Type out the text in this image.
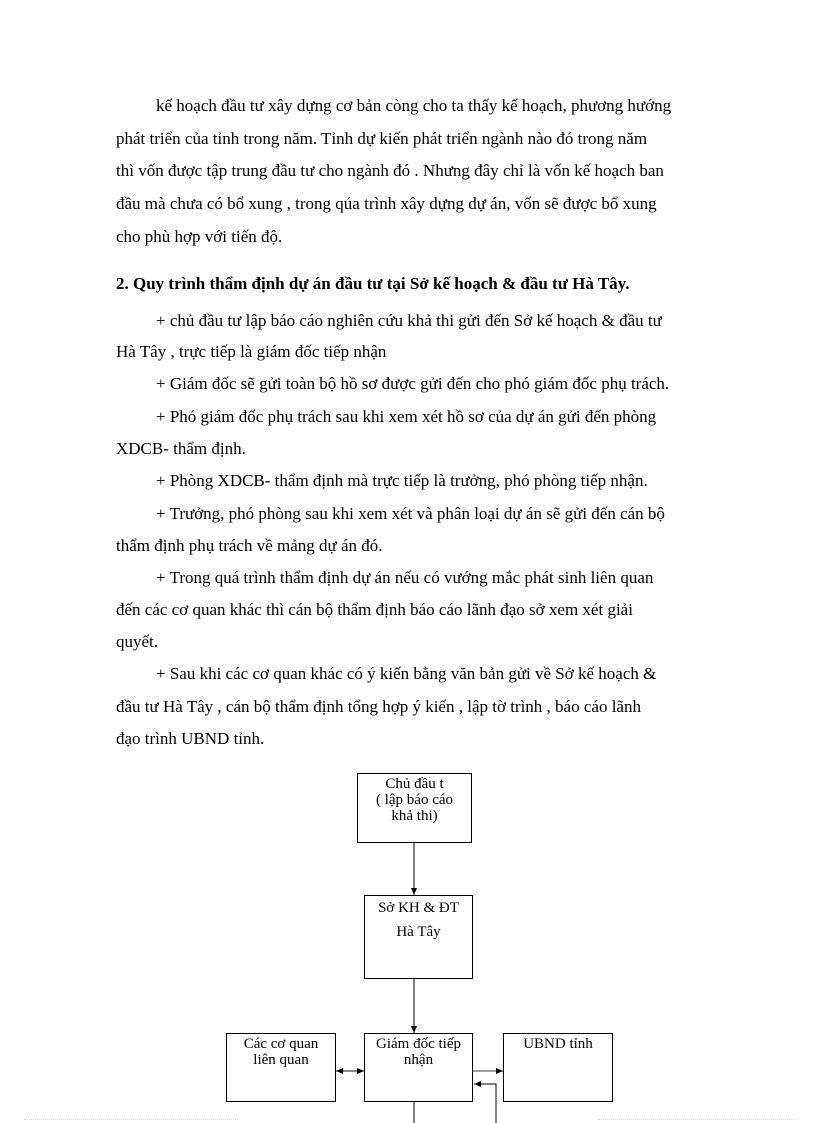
kế hoạch đầu tư xây dựng cơ bản còng cho ta thấy kế hoạch, phương hướng
phát triển của tỉnh trong năm. Tỉnh dự kiến phát triển ngành nào đó trong năm
thì vốn được tập trung đầu tư cho ngành đó . Nhưng đây chỉ là vốn kế hoạch ban
đầu mà chưa có bổ xung , trong qúa trình xây dựng dự án, vốn sẽ được bổ xung
cho phù hợp với tiến độ.
2. Quy trình thẩm định dự án đầu tư tại Sở kế hoạch & đầu tư Hà Tây.
+ chủ đầu tư lập báo cáo nghiên cứu khả thi gửi đến Sở kế hoạch & đầu tư
Hà Tây , trực tiếp là giám đốc tiếp nhận
+ Giám đốc sẽ gửi toàn bộ hồ sơ được gửi đến cho phó giám đốc phụ trách.
+ Phó giám đốc phụ trách sau khi xem xét hồ sơ của dự án gửi đến phòng
XDCB- thẩm định.
+ Phòng XDCB- thẩm định mà trực tiếp là trưởng, phó phòng tiếp nhận.
+ Trưởng, phó phòng sau khi xem xét và phân loại dự án sẽ gửi đến cán bộ
thẩm định phụ trách về mảng dự án đó.
+ Trong quá trình thẩm định dự án nếu có vướng mắc phát sinh liên quan
đến các cơ quan khác thì cán bộ thẩm định báo cáo lãnh đạo sở xem xét giải
quyết.
+ Sau khi các cơ quan khác có ý kiến bằng văn bản gửi về Sở kế hoạch &
đầu tư Hà Tây , cán bộ thẩm định tổng hợp ý kiến , lập tờ trình , báo cáo lãnh
đạo trình UBND tỉnh.
Chủ đầu t
( lập báo cáo
khả thi)
Sở KH & ĐT
Hà Tây
Các cơ quan
liên quan
Giám đốc tiếp
nhận
UBND tỉnh
